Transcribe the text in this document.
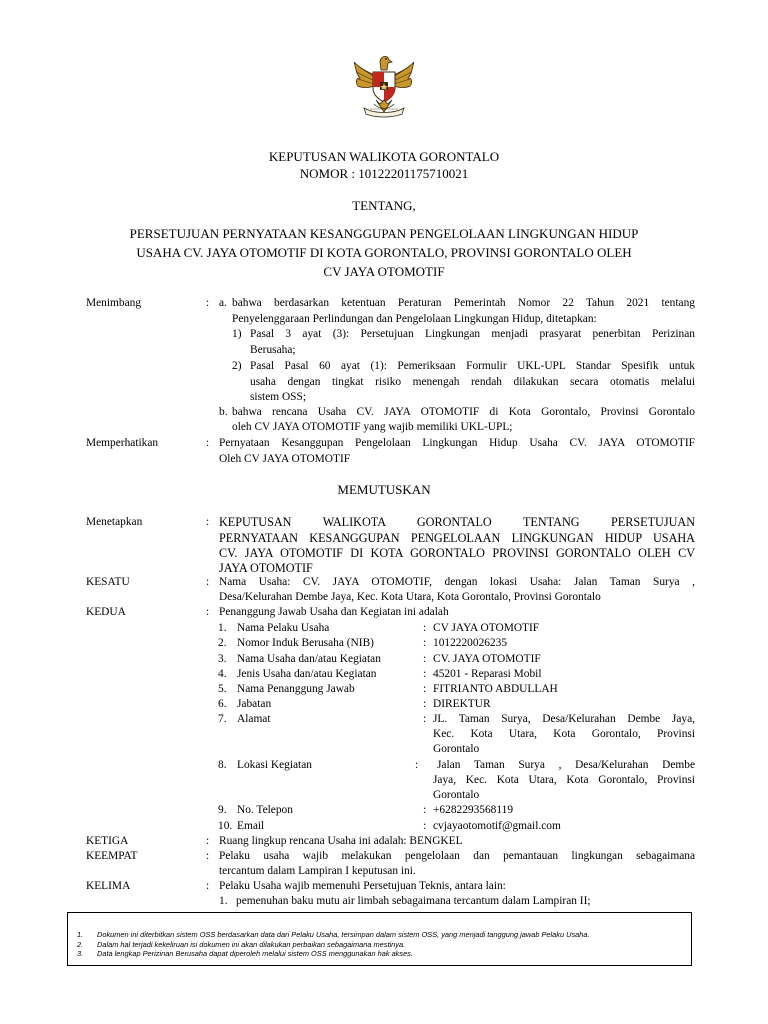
KEPUTUSAN WALIKOTA GORONTALO
NOMOR : 10122201175710021
TENTANG,
PERSETUJUAN PERNYATAAN KESANGGUPAN PENGELOLAAN LINGKUNGAN HIDUP
USAHA CV. JAYA OTOMOTIF DI KOTA GORONTALO, PROVINSI GORONTALO OLEH
CV JAYA OTOMOTIF
Menimbang	: a. bahwa berdasarkan ketentuan Peraturan Pemerintah Nomor 22 Tahun 2021 tentang
Penyelenggaraan Perlindungan dan Pengelolaan Lingkungan Hidup, ditetapkan:
1) Pasal 3 ayat (3): Persetujuan Lingkungan menjadi prasyarat penerbitan Perizinan
Berusaha;
2) Pasal Pasal 60 ayat (1): Pemeriksaan Formulir UKL-UPL Standar Spesifik untuk
usaha dengan tingkat risiko menengah rendah dilakukan secara otomatis melalui
sistem OSS;
b. bahwa rencana Usaha CV. JAYA OTOMOTIF di Kota Gorontalo, Provinsi Gorontalo
oleh CV JAYA OTOMOTIF yang wajib memiliki UKL-UPL;
Memperhatikan	: Pernyataan Kesanggupan Pengelolaan Lingkungan Hidup Usaha CV. JAYA OTOMOTIF
Oleh CV JAYA OTOMOTIF
MEMUTUSKAN
Menetapkan	: KEPUTUSAN WALIKOTA GORONTALO TENTANG PERSETUJUAN
PERNYATAAN KESANGGUPAN PENGELOLAAN LINGKUNGAN HIDUP USAHA
CV. JAYA OTOMOTIF DI KOTA GORONTALO PROVINSI GORONTALO OLEH CV
JAYA OTOMOTIF
KESATU	: Nama Usaha: CV. JAYA OTOMOTIF, dengan lokasi Usaha: Jalan Taman Surya ,
Desa/Kelurahan Dembe Jaya, Kec. Kota Utara, Kota Gorontalo, Provinsi Gorontalo
KEDUA	: Penanggung Jawab Usaha dan Kegiatan ini adalah
1. Nama Pelaku Usaha	: CV JAYA OTOMOTIF
2. Nomor Induk Berusaha (NIB)	: 1012220026235
3. Nama Usaha dan/atau Kegiatan	: CV. JAYA OTOMOTIF
4. Jenis Usaha dan/atau Kegiatan	: 45201 - Reparasi Mobil
5. Nama Penanggung Jawab	: FITRIANTO ABDULLAH
6. Jabatan	: DIREKTUR
7. Alamat	: JL. Taman Surya, Desa/Kelurahan Dembe Jaya,
Kec. Kota Utara, Kota Gorontalo, Provinsi
Gorontalo
8. Lokasi Kegiatan	: Jalan Taman Surya , Desa/Kelurahan Dembe
Jaya, Kec. Kota Utara, Kota Gorontalo, Provinsi
Gorontalo
9. No. Telepon	: +6282293568119
10. Email	: cvjayaotomotif@gmail.com
KETIGA	: Ruang lingkup rencana Usaha ini adalah: BENGKEL
KEEMPAT	: Pelaku usaha wajib melakukan pengelolaan dan pemantauan lingkungan sebagaimana
tercantum dalam Lampiran I keputusan ini.
KELIMA	: Pelaku Usaha wajib memenuhi Persetujuan Teknis, antara lain:
1. pemenuhan baku mutu air limbah sebagaimana tercantum dalam Lampiran II;
1. Dokumen ini diterbitkan sistem OSS berdasarkan data dari Pelaku Usaha, tersimpan dalam sistem OSS, yang menjadi tanggung jawab Pelaku Usaha.
2. Dalam hal terjadi kekeliruan isi dokumen ini akan dilakukan perbaikan sebagaimana mestinya.
3. Data lengkap Perizinan Berusaha dapat diperoleh melalui sistem OSS menggunakan hak akses.
